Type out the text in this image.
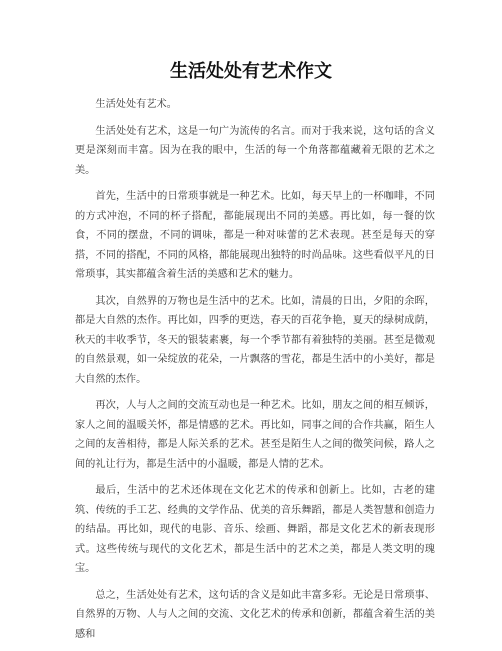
生活处处有艺术作文

生活处处有艺术。

生活处处有艺术，这是一句广为流传的名言。而对于我来说，这句话的含义更是深刻而丰富。因为在我的眼中，生活的每一个角落都蕴藏着无限的艺术之美。

首先，生活中的日常琐事就是一种艺术。比如，每天早上的一杯咖啡，不同的方式冲泡，不同的杯子搭配，都能展现出不同的美感。再比如，每一餐的饮食，不同的摆盘，不同的调味，都是一种对味蕾的艺术表现。甚至是每天的穿搭，不同的搭配，不同的风格，都能展现出独特的时尚品味。这些看似平凡的日常琐事，其实都蕴含着生活的美感和艺术的魅力。

其次，自然界的万物也是生活中的艺术。比如，清晨的日出，夕阳的余晖，都是大自然的杰作。再比如，四季的更迭，春天的百花争艳，夏天的绿树成荫，秋天的丰收季节，冬天的银装素裹，每一个季节都有着独特的美丽。甚至是微观的自然景观，如一朵绽放的花朵，一片飘落的雪花，都是生活中的小美好，都是大自然的杰作。

再次，人与人之间的交流互动也是一种艺术。比如，朋友之间的相互倾诉，家人之间的温暖关怀，都是情感的艺术。再比如，同事之间的合作共赢，陌生人之间的友善相待，都是人际关系的艺术。甚至是陌生人之间的微笑问候，路人之间的礼让行为，都是生活中的小温暖，都是人情的艺术。

最后，生活中的艺术还体现在文化艺术的传承和创新上。比如，古老的建筑、传统的手工艺、经典的文学作品、优美的音乐舞蹈，都是人类智慧和创造力的结晶。再比如，现代的电影、音乐、绘画、舞蹈，都是文化艺术的新表现形式。这些传统与现代的文化艺术，都是生活中的艺术之美，都是人类文明的瑰宝。

总之，生活处处有艺术，这句话的含义是如此丰富多彩。无论是日常琐事、自然界的万物、人与人之间的交流、文化艺术的传承和创新，都蕴含着生活的美感和
